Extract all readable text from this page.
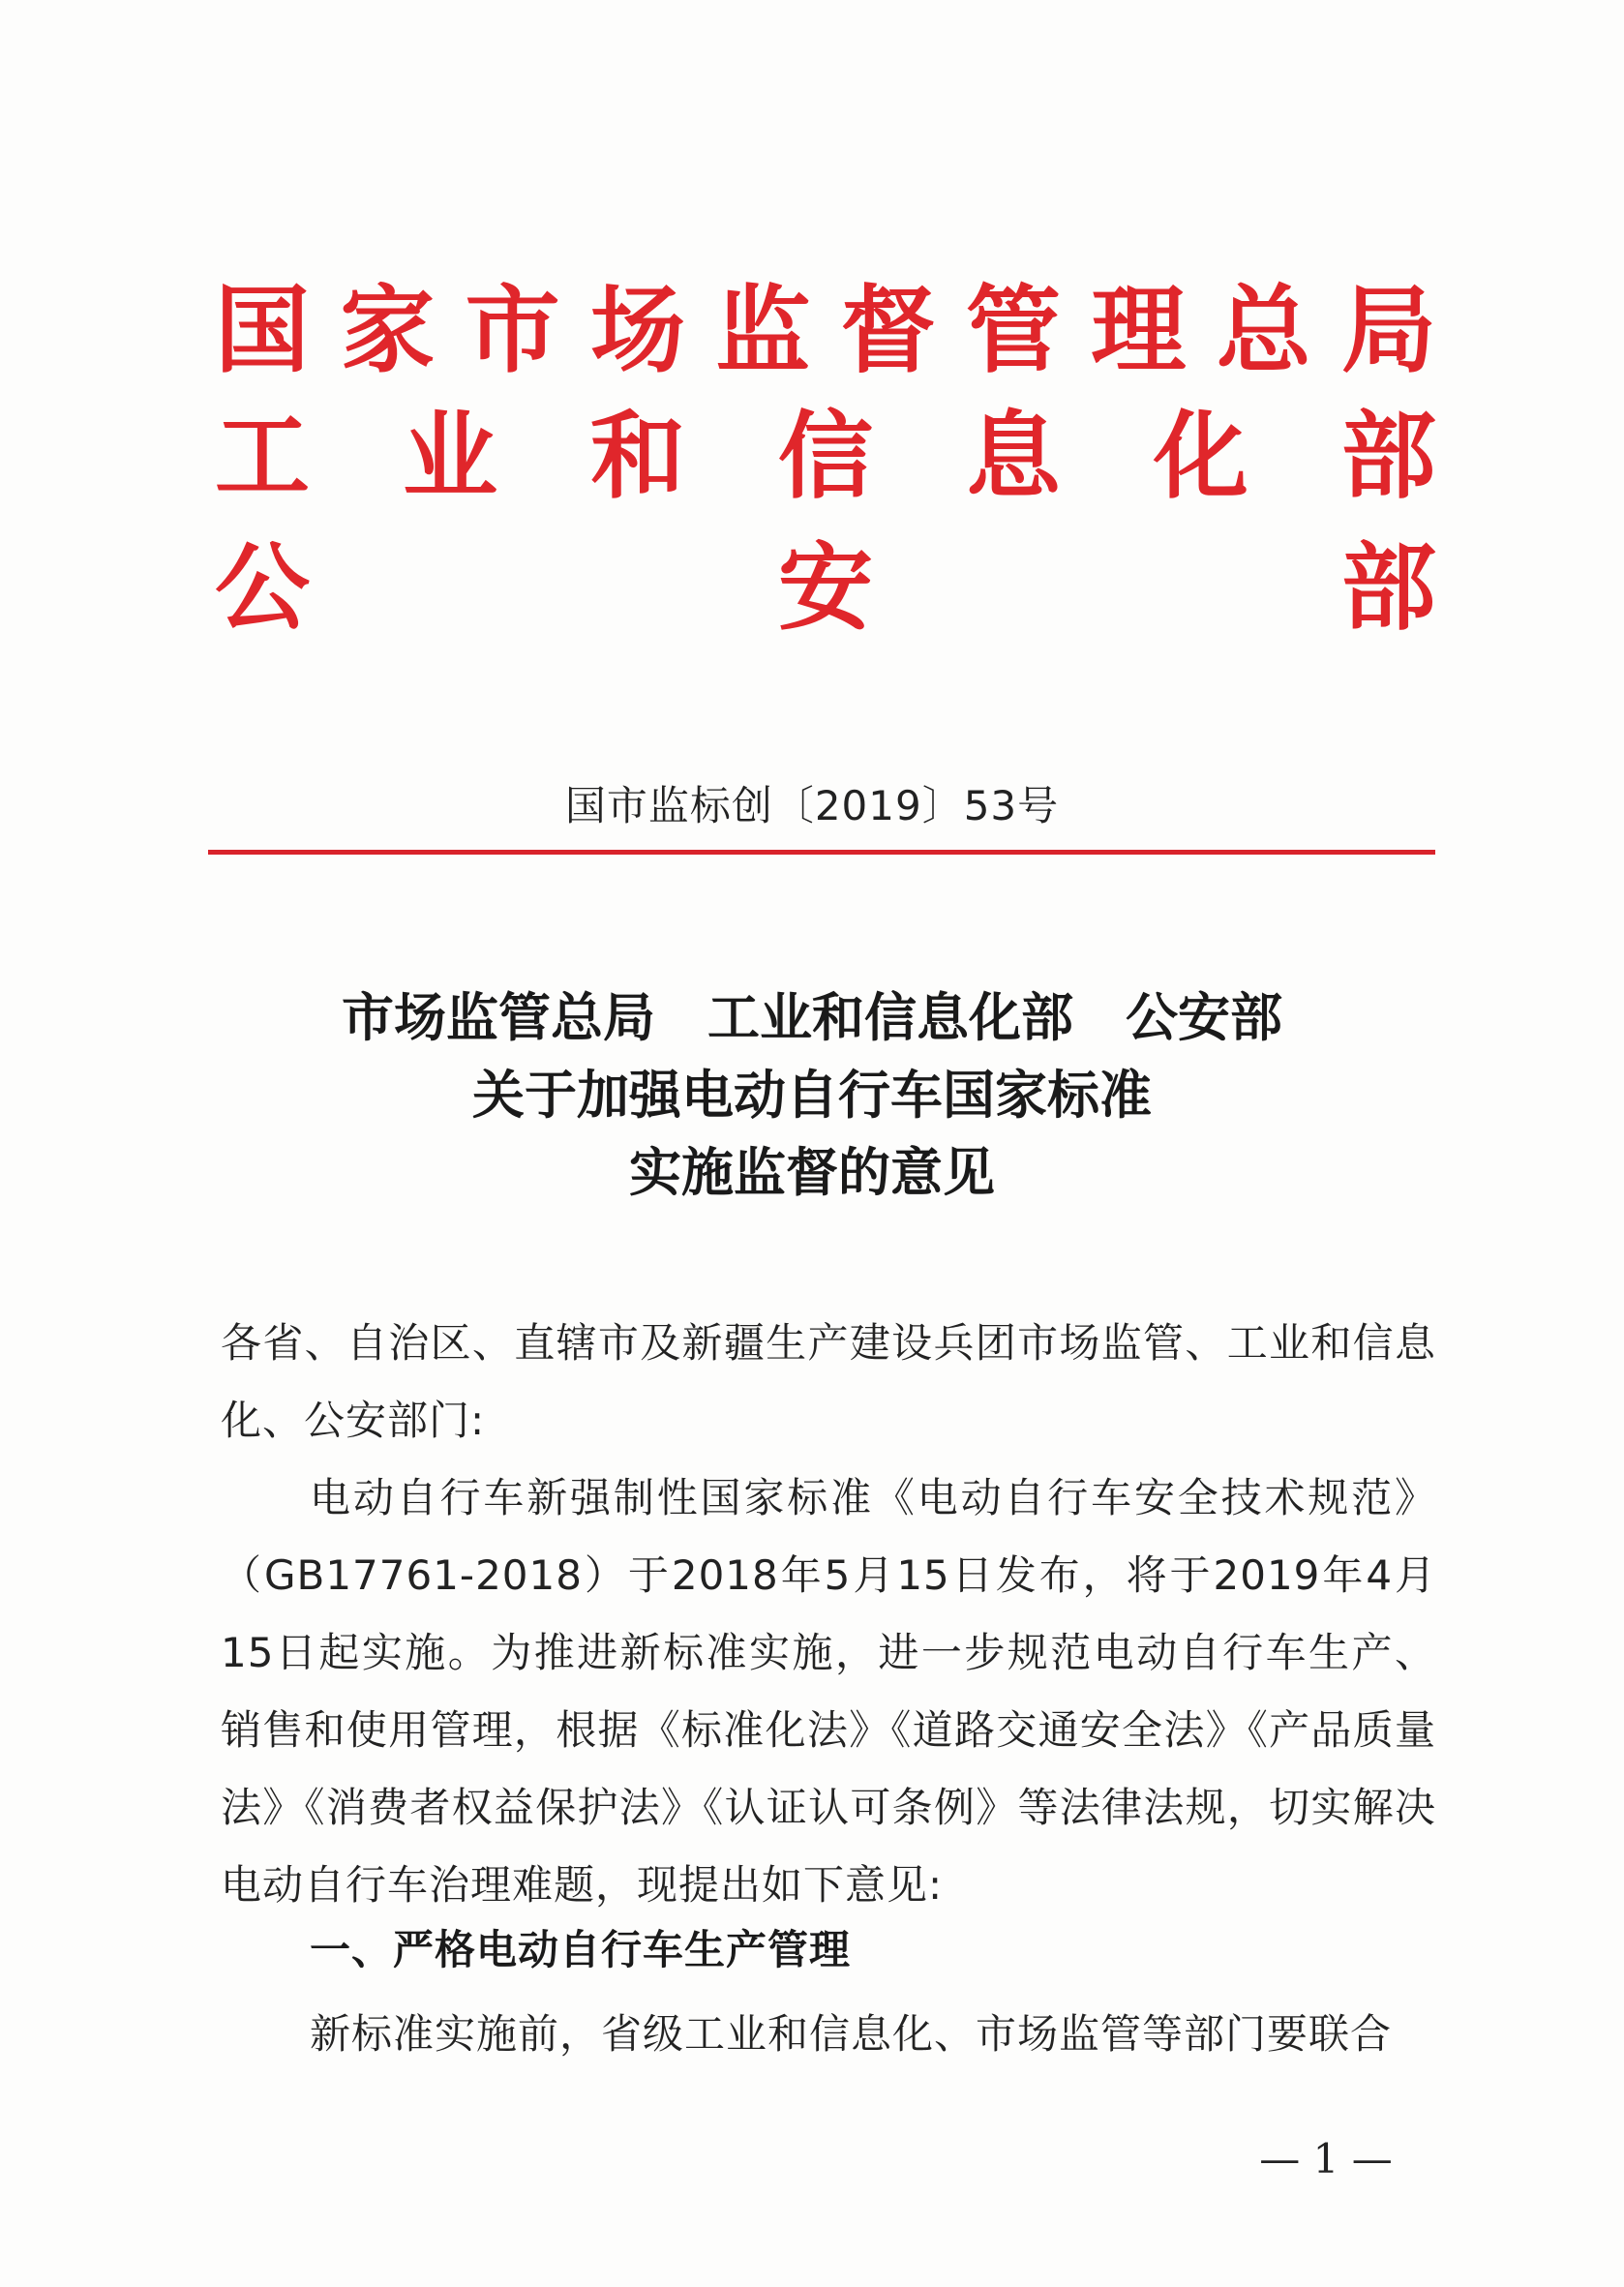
国 家 市 场 监 督 管 理 总 局
工 业 和 信 息 化 部
公	安	部
国市监标创〔2019〕53号
市场监管总局　工业和信息化部　公安部
关于加强电动自行车国家标准
实施监督的意见
各省、自治区、直辖市及新疆生产建设兵团市场监管、工业和信息化、公安部门:
电动自行车新强制性国家标准《电动自行车安全技术规范》（GB17761-2018）于2018年5月15日发布，将于2019年4月15日起实施。为推进新标准实施，进一步规范电动自行车生产、销售和使用管理，根据《标准化法》《道路交通安全法》《产品质量法》《消费者权益保护法》《认证认可条例》等法律法规，切实解决电动自行车治理难题，现提出如下意见:
一、严格电动自行车生产管理
新标准实施前，省级工业和信息化、市场监管等部门要联合
— 1 —
